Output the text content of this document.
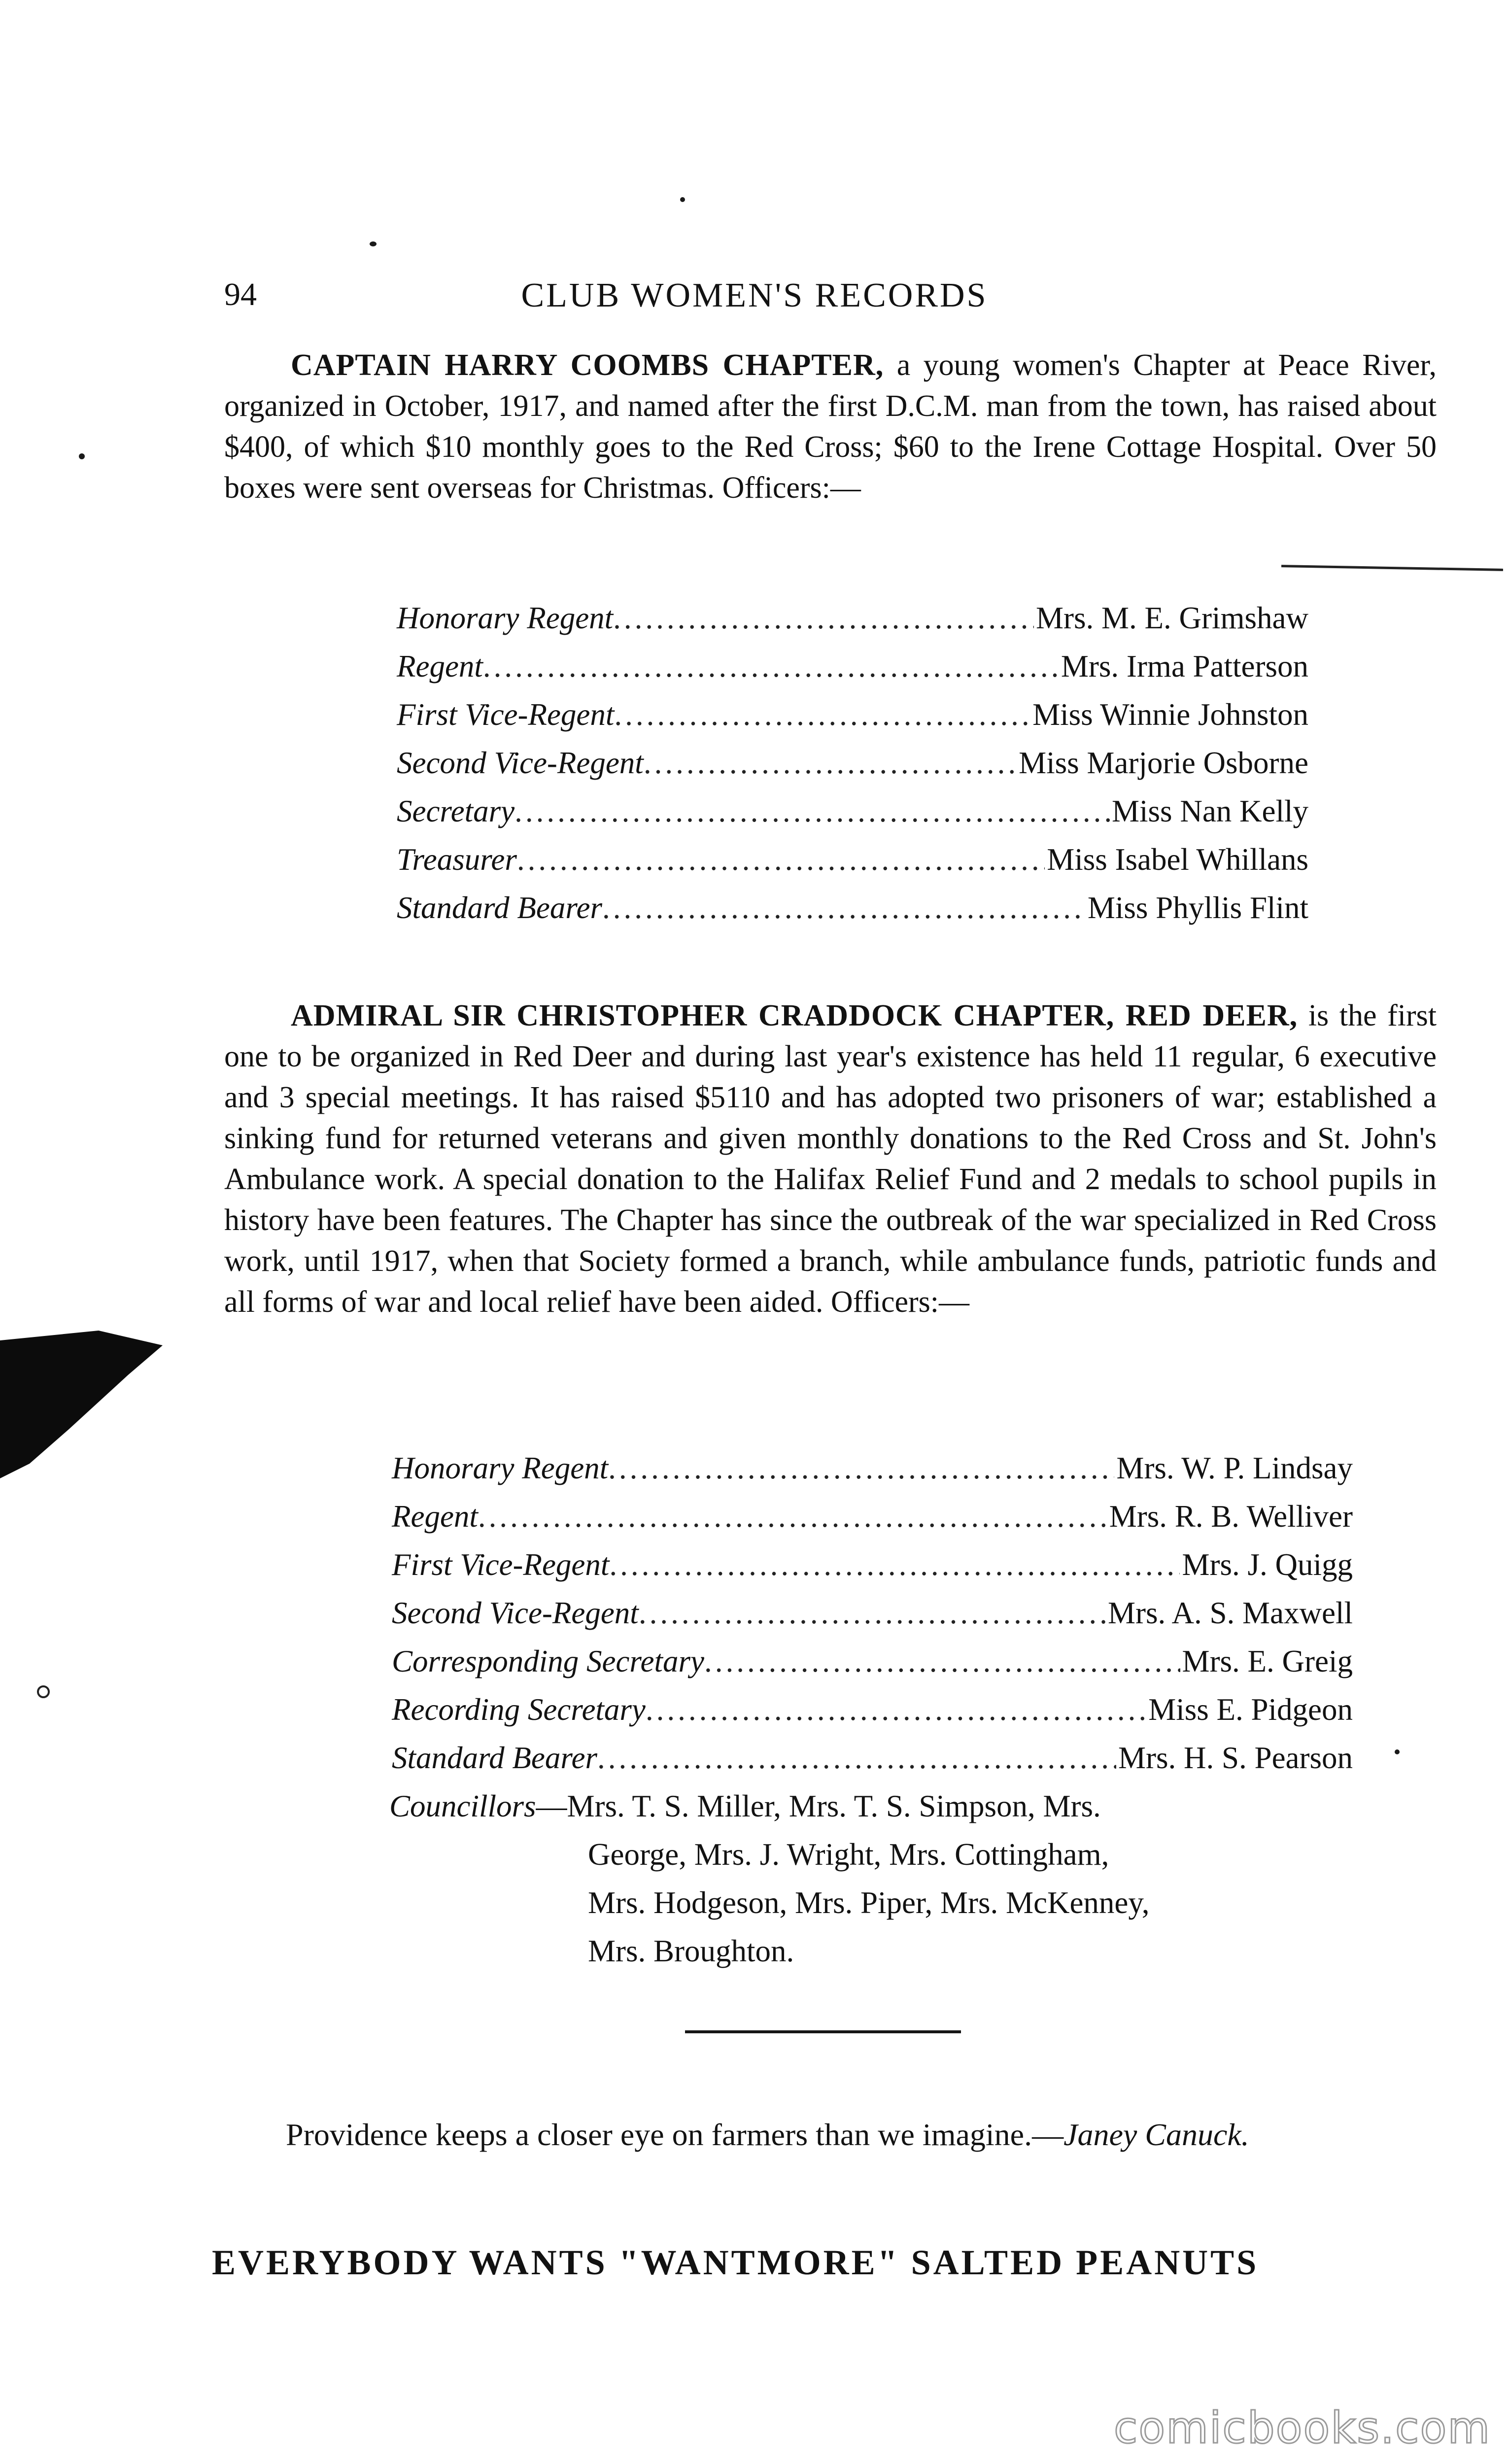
94	CLUB WOMEN'S RECORDS
CAPTAIN HARRY COOMBS CHAPTER, a young women's Chapter at Peace River, organized in October, 1917, and named after the first D.C.M. man from the town, has raised about $400, of which $10 monthly goes to the Red Cross; $60 to the Irene Cottage Hospital. Over 50 boxes were sent overseas for Christmas. Officers:—
Honorary Regent .....	Mrs. M. E. Grimshaw
Regent .....	Mrs. Irma Patterson
First Vice-Regent .....	Miss Winnie Johnston
Second Vice-Regent .....	Miss Marjorie Osborne
Secretary .....	Miss Nan Kelly
Treasurer .....	Miss Isabel Whillans
Standard Bearer .....	Miss Phyllis Flint
ADMIRAL SIR CHRISTOPHER CRADDOCK CHAPTER, RED DEER, is the first one to be organized in Red Deer and during last year's existence has held 11 regular, 6 executive and 3 special meetings. It has raised $5110 and has adopted two prisoners of war; established a sinking fund for returned veterans and given monthly donations to the Red Cross and St. John's Ambulance work. A special donation to the Halifax Relief Fund and 2 medals to school pupils in history have been features. The Chapter has since the outbreak of the war specialized in Red Cross work, until 1917, when that Society formed a branch, while ambulance funds, patriotic funds and all forms of war and local relief have been aided. Officers:—
Honorary Regent .....	Mrs. W. P. Lindsay
Regent .....	Mrs. R. B. Welliver
First Vice-Regent .....	Mrs. J. Quigg
Second Vice-Regent .....	Mrs. A. S. Maxwell
Corresponding Secretary .....	Mrs. E. Greig
Recording Secretary .....	Miss E. Pidgeon
Standard Bearer .....	Mrs. H. S. Pearson
Councillors—Mrs. T. S. Miller, Mrs. T. S. Simpson, Mrs.
George, Mrs. J. Wright, Mrs. Cottingham,
Mrs. Hodgeson, Mrs. Piper, Mrs. McKenney,
Mrs. Broughton.
Providence keeps a closer eye on farmers than we imagine.—Janey Canuck.
EVERYBODY WANTS "WANTMORE" SALTED PEANUTS
comicbooks.com
